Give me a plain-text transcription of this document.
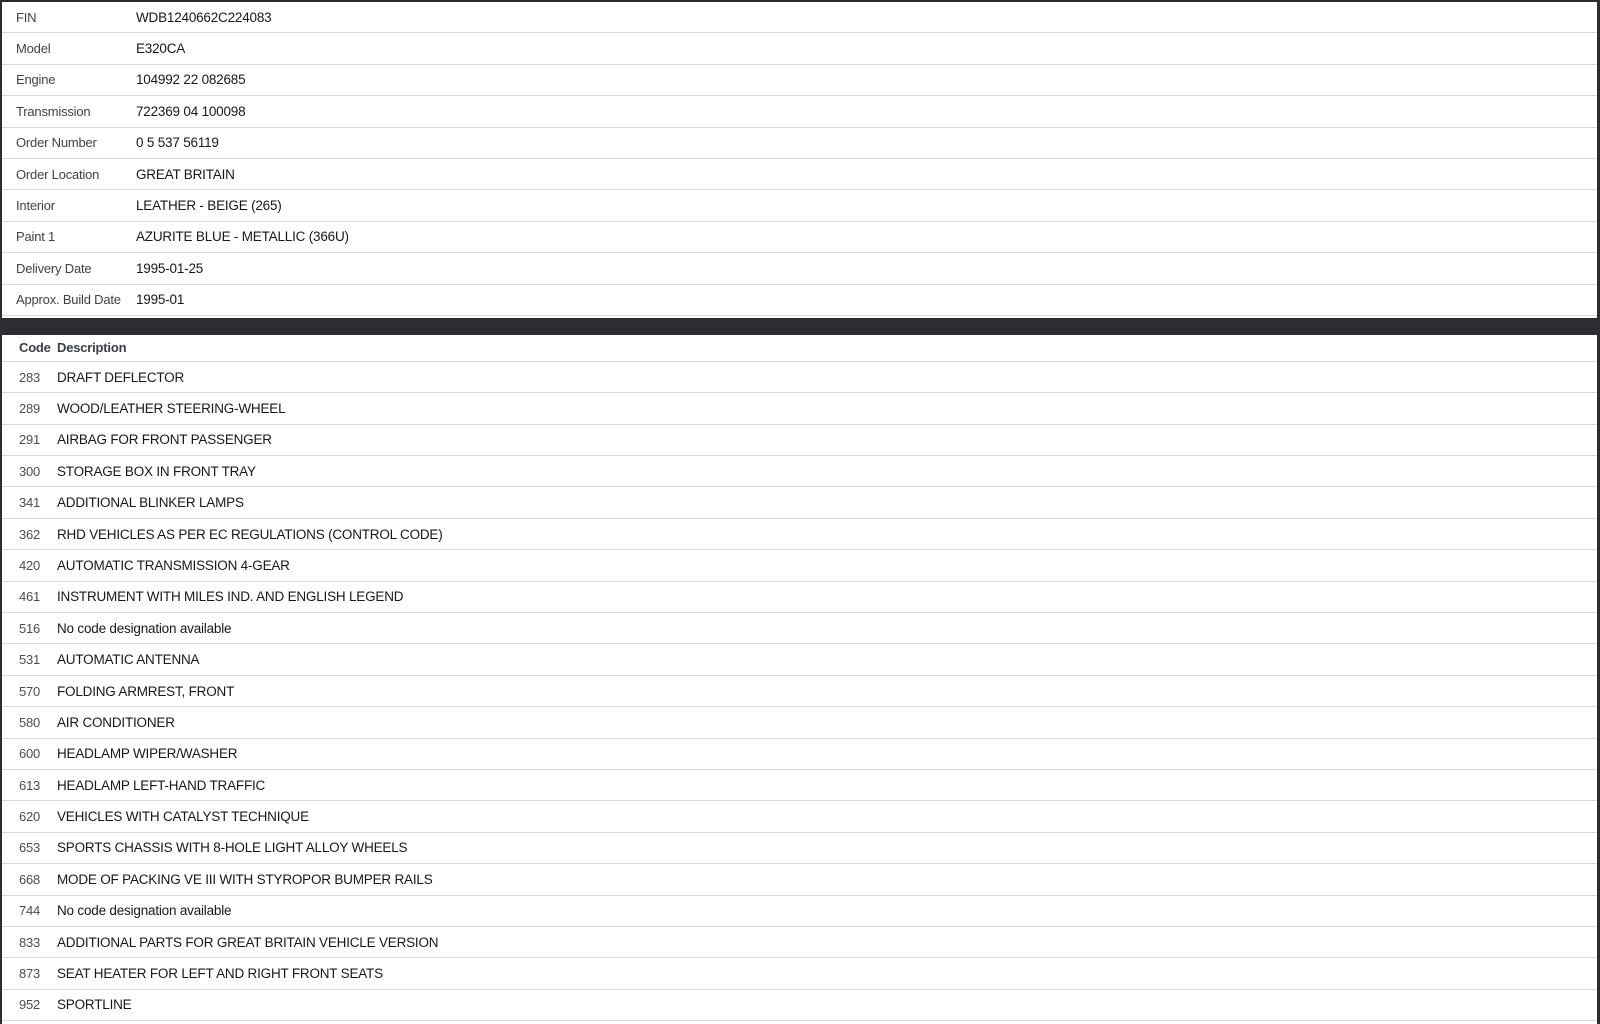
FIN	WDB1240662C224083
Model	E320CA
Engine	104992 22 082685
Transmission	722369 04 100098
Order Number	0 5 537 56119
Order Location	GREAT BRITAIN
Interior	LEATHER - BEIGE (265)
Paint 1	AZURITE BLUE - METALLIC (366U)
Delivery Date	1995-01-25
Approx. Build Date	1995-01
Code Description
283	DRAFT DEFLECTOR
289	WOOD/LEATHER STEERING-WHEEL
291	AIRBAG FOR FRONT PASSENGER
300	STORAGE BOX IN FRONT TRAY
341	ADDITIONAL BLINKER LAMPS
362	RHD VEHICLES AS PER EC REGULATIONS (CONTROL CODE)
420	AUTOMATIC TRANSMISSION 4-GEAR
461	INSTRUMENT WITH MILES IND. AND ENGLISH LEGEND
516	No code designation available
531	AUTOMATIC ANTENNA
570	FOLDING ARMREST, FRONT
580	AIR CONDITIONER
600	HEADLAMP WIPER/WASHER
613	HEADLAMP LEFT-HAND TRAFFIC
620	VEHICLES WITH CATALYST TECHNIQUE
653	SPORTS CHASSIS WITH 8-HOLE LIGHT ALLOY WHEELS
668	MODE OF PACKING VE III WITH STYROPOR BUMPER RAILS
744	No code designation available
833	ADDITIONAL PARTS FOR GREAT BRITAIN VEHICLE VERSION
873	SEAT HEATER FOR LEFT AND RIGHT FRONT SEATS
952	SPORTLINE
